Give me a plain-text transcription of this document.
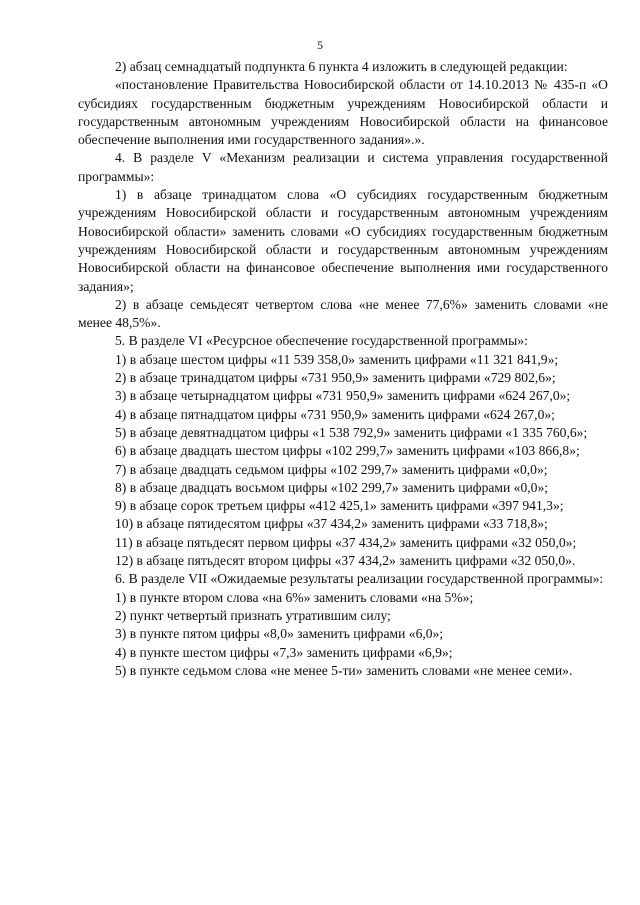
5

2) абзац семнадцатый подпункта 6 пункта 4 изложить в следующей редакции:

«постановление Правительства Новосибирской области от 14.10.2013 № 435-п «О субсидиях государственным бюджетным учреждениям Новосибирской области и государственным автономным учреждениям Новосибирской области на финансовое обеспечение выполнения ими государственного задания».».

4. В разделе V «Механизм реализации и система управления государственной программы»:

1) в абзаце тринадцатом слова «О субсидиях государственным бюджетным учреждениям Новосибирской области и государственным автономным учреждениям Новосибирской области» заменить словами «О субсидиях государственным бюджетным учреждениям Новосибирской области и государственным автономным учреждениям Новосибирской области на финансовое обеспечение выполнения ими государственного задания»;

2) в абзаце семьдесят четвертом слова «не менее 77,6%» заменить словами «не менее 48,5%».

5. В разделе VI «Ресурсное обеспечение государственной программы»:

1) в абзаце шестом цифры «11 539 358,0» заменить цифрами «11 321 841,9»;

2) в абзаце тринадцатом цифры «731 950,9» заменить цифрами «729 802,6»;

3) в абзаце четырнадцатом цифры «731 950,9» заменить цифрами «624 267,0»;

4) в абзаце пятнадцатом цифры «731 950,9» заменить цифрами «624 267,0»;

5) в абзаце девятнадцатом цифры «1 538 792,9» заменить цифрами «1 335 760,6»;

6) в абзаце двадцать шестом цифры «102 299,7» заменить цифрами «103 866,8»;

7) в абзаце двадцать седьмом цифры «102 299,7» заменить цифрами «0,0»;

8) в абзаце двадцать восьмом цифры «102 299,7» заменить цифрами «0,0»;

9) в абзаце сорок третьем цифры «412 425,1» заменить цифрами «397 941,3»;

10) в абзаце пятидесятом цифры «37 434,2» заменить цифрами «33 718,8»;

11) в абзаце пятьдесят первом цифры «37 434,2» заменить цифрами «32 050,0»;

12) в абзаце пятьдесят втором цифры «37 434,2» заменить цифрами «32 050,0».

6. В разделе VII «Ожидаемые результаты реализации государственной программы»:

1) в пункте втором слова «на 6%» заменить словами «на 5%»;

2) пункт четвертый признать утратившим силу;

3) в пункте пятом цифры «8,0» заменить цифрами «6,0»;

4) в пункте шестом цифры «7,3» заменить цифрами «6,9»;

5) в пункте седьмом слова «не менее 5-ти» заменить словами «не менее семи».
